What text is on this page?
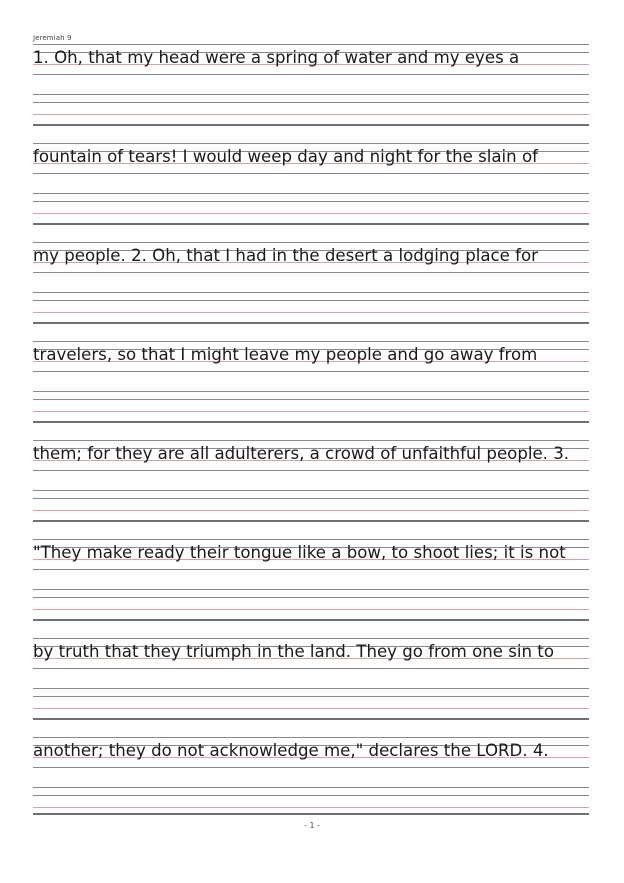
Jeremiah 9
1. Oh, that my head were a spring of water and my eyes a
fountain of tears! I would weep day and night for the slain of
my people. 2. Oh, that I had in the desert a lodging place for
travelers, so that I might leave my people and go away from
them; for they are all adulterers, a crowd of unfaithful people. 3.
"They make ready their tongue like a bow, to shoot lies; it is not
by truth that they triumph in the land. They go from one sin to
another; they do not acknowledge me," declares the LORD. 4.
- 1 -
